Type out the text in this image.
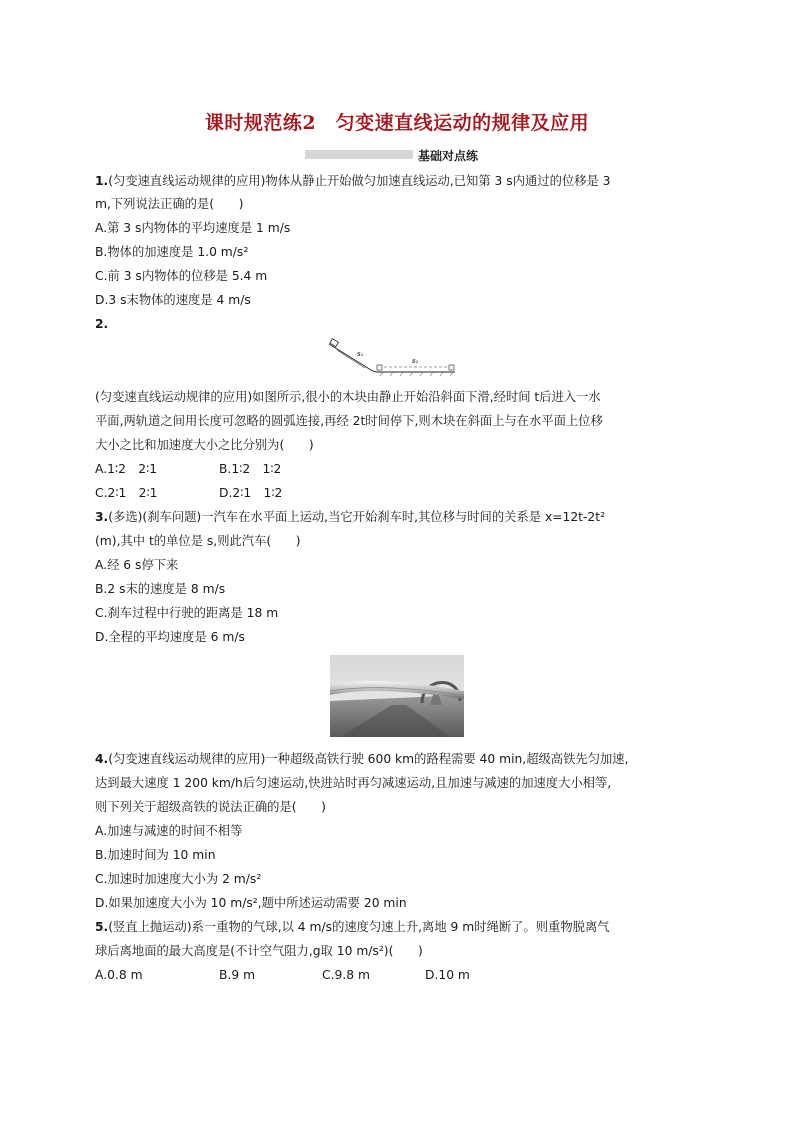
课时规范练2　匀变速直线运动的规律及应用
基础对点练
1.(匀变速直线运动规律的应用)物体从静止开始做匀加速直线运动,已知第 3 s内通过的位移是 3
m,下列说法正确的是(　　)
A.第 3 s内物体的平均速度是 1 m/s
B.物体的加速度是 1.0 m/s²
C.前 3 s内物体的位移是 5.4 m
D.3 s末物体的速度是 4 m/s
2.
s₁
s₂
(匀变速直线运动规律的应用)如图所示,很小的木块由静止开始沿斜面下滑,经时间 t后进入一水
平面,两轨道之间用长度可忽略的圆弧连接,再经 2t时间停下,则木块在斜面上与在水平面上位移
大小之比和加速度大小之比分别为(　　)
A.1∶2　2∶1	B.1∶2　1∶2
C.2∶1　2∶1	D.2∶1　1∶2
3.(多选)(刹车问题)一汽车在水平面上运动,当它开始刹车时,其位移与时间的关系是 x=12t-2t²
(m),其中 t的单位是 s,则此汽车(　　)
A.经 6 s停下来
B.2 s末的速度是 8 m/s
C.刹车过程中行驶的距离是 18 m
D.全程的平均速度是 6 m/s
4.(匀变速直线运动规律的应用)一种超级高铁行驶 600 km的路程需要 40 min,超级高铁先匀加速,
达到最大速度 1 200 km/h后匀速运动,快进站时再匀减速运动,且加速与减速的加速度大小相等,
则下列关于超级高铁的说法正确的是(　　)
A.加速与减速的时间不相等
B.加速时间为 10 min
C.加速时加速度大小为 2 m/s²
D.如果加速度大小为 10 m/s²,题中所述运动需要 20 min
5.(竖直上抛运动)系一重物的气球,以 4 m/s的速度匀速上升,离地 9 m时绳断了。则重物脱离气
球后离地面的最大高度是(不计空气阻力,g取 10 m/s²)(　　)
A.0.8 m	B.9 m	C.9.8 m	D.10 m
